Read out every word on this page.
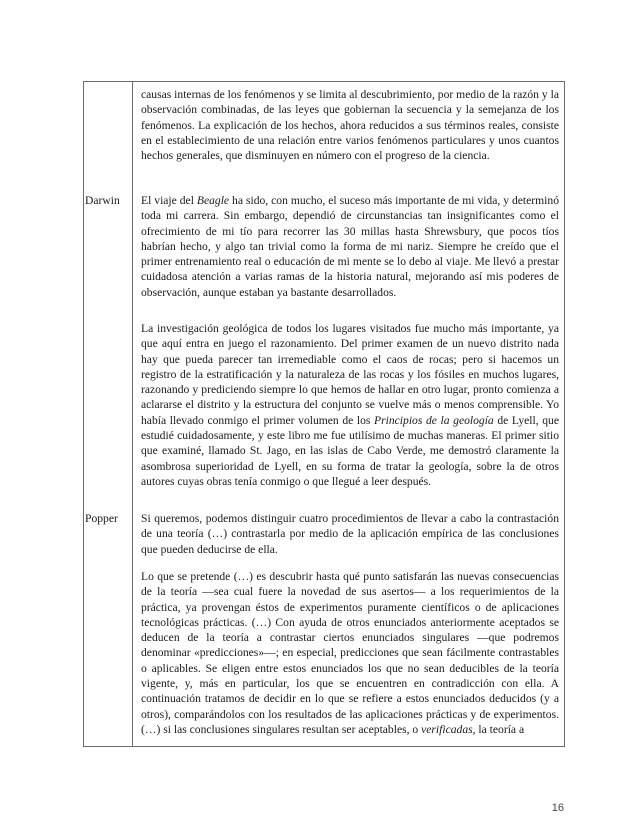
causas internas de los fenómenos y se limita al descubrimiento, por medio de la razón y la observación combinadas, de las leyes que gobiernan la secuencia y la semejanza de los fenómenos. La explicación de los hechos, ahora reducidos a sus términos reales, consiste en el establecimiento de una relación entre varios fenómenos particulares y unos cuantos hechos generales, que disminuyen en número con el progreso de la ciencia.

Darwin	El viaje del Beagle ha sido, con mucho, el suceso más importante de mi vida, y determinó toda mi carrera. Sin embargo, dependió de circunstancias tan insignificantes como el ofrecimiento de mi tío para recorrer las 30 millas hasta Shrewsbury, que pocos tíos habrían hecho, y algo tan trivial como la forma de mi nariz. Siempre he creído que el primer entrenamiento real o educación de mi mente se lo debo al viaje. Me llevó a prestar cuidadosa atención a varias ramas de la historia natural, mejorando así mis poderes de observación, aunque estaban ya bastante desarrollados.

La investigación geológica de todos los lugares visitados fue mucho más importante, ya que aquí entra en juego el razonamiento. Del primer examen de un nuevo distrito nada hay que pueda parecer tan irremediable como el caos de rocas; pero si hacemos un registro de la estratificación y la naturaleza de las rocas y los fósiles en muchos lugares, razonando y prediciendo siempre lo que hemos de hallar en otro lugar, pronto comienza a aclararse el distrito y la estructura del conjunto se vuelve más o menos comprensible. Yo había llevado conmigo el primer volumen de los Principios de la geología de Lyell, que estudié cuidadosamente, y este libro me fue utilísimo de muchas maneras. El primer sitio que examiné, llamado St. Jago, en las islas de Cabo Verde, me demostró claramente la asombrosa superioridad de Lyell, en su forma de tratar la geología, sobre la de otros autores cuyas obras tenía conmigo o que llegué a leer después.

Popper	Si queremos, podemos distinguir cuatro procedimientos de llevar a cabo la contrastación de una teoría (…) contrastarla por medio de la aplicación empírica de las conclusiones que pueden deducirse de ella.

Lo que se pretende (…) es descubrir hasta qué punto satisfarán las nuevas consecuencias de la teoría —sea cual fuere la novedad de sus asertos— a los requerimientos de la práctica, ya provengan éstos de experimentos puramente científicos o de aplicaciones tecnológicas prácticas. (…) Con ayuda de otros enunciados anteriormente aceptados se deducen de la teoría a contrastar ciertos enunciados singulares —que podremos denominar «predicciones»—; en especial, predicciones que sean fácilmente contrastables o aplicables. Se eligen entre estos enunciados los que no sean deducibles de la teoría vigente, y, más en particular, los que se encuentren en contradicción con ella. A continuación tratamos de decidir en lo que se refiere a estos enunciados deducidos (y a otros), comparándolos con los resultados de las aplicaciones prácticas y de experimentos. (…) si las conclusiones singulares resultan ser aceptables, o verificadas, la teoría a

16
